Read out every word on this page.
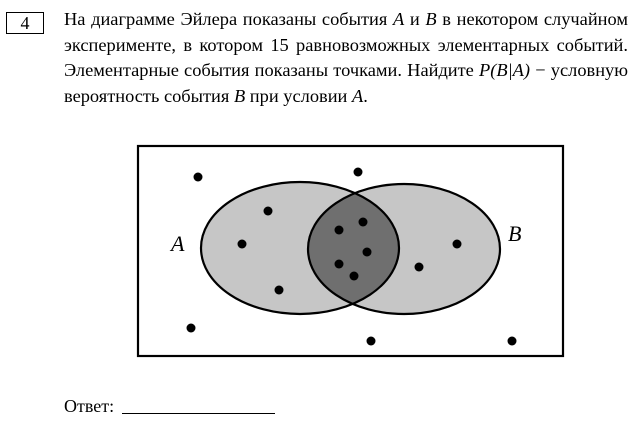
4	На диаграмме Эйлера показаны события A и B в некотором случайном эксперименте, в котором 15 равновозможных элементарных событий. Элементарные события показаны точками. Найдите P(B|A) − условную вероятность события B при условии A.

A	B
Ответ:
